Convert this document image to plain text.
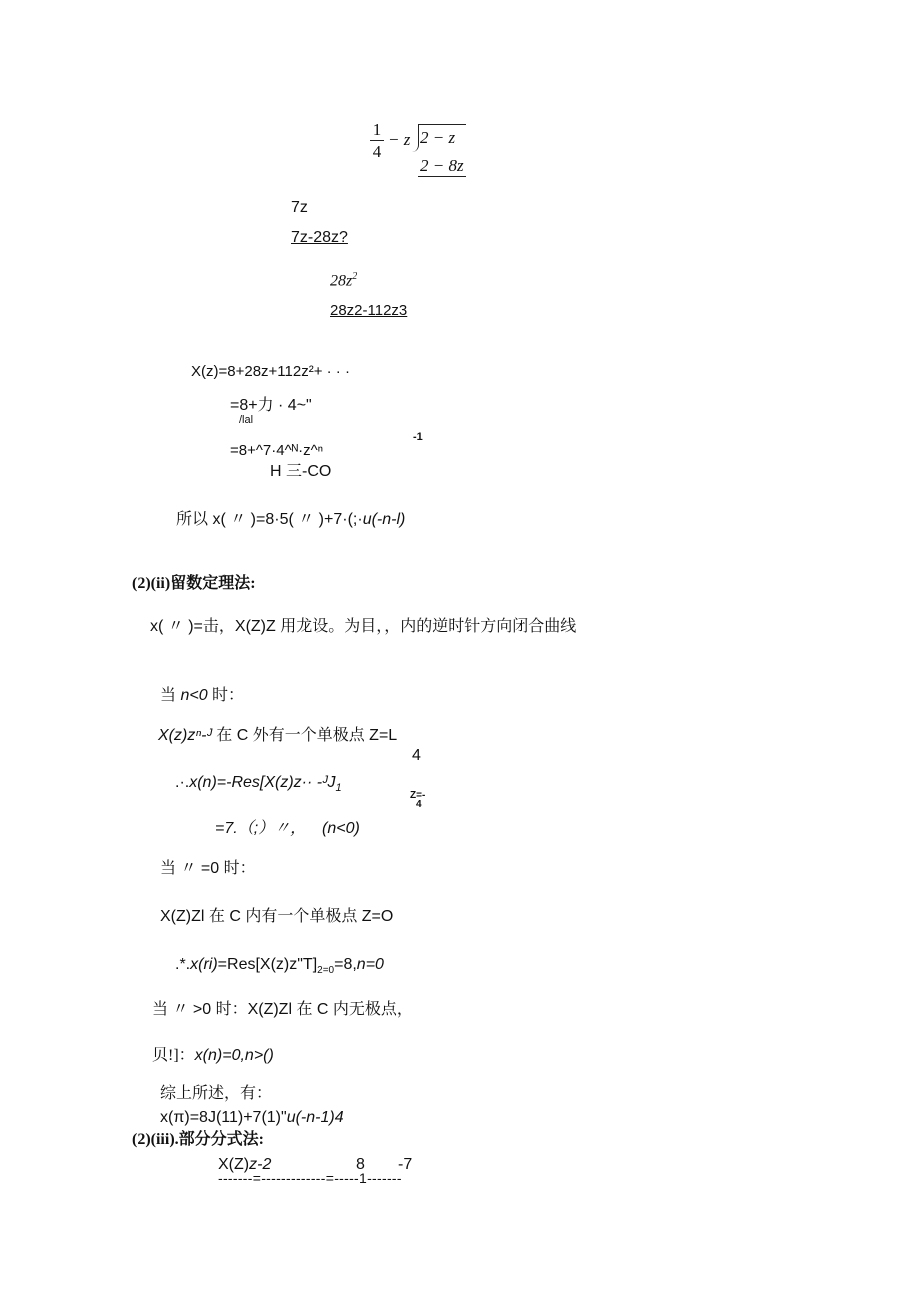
1
4
− z 2 − z
2 − 8z
7z
7z-28z?
$28z^2$
28z2-112z3
X(z)=8+28z+112z²+ · · ·
=8+力 · 4~"
/lal
-1
=8+^7·4^ᴺ·z^ⁿ
H 三-CO
所以 x( 〃 )=8·5( 〃 )+7·(;·u(-n-l)
(2)(ii)留数定理法:
x( 〃 )=击，X(Z)Z 用龙设。为目，，内的逆时针方向闭合曲线
当 n<0 时：
X(z)zⁿ-ᴶ 在 C 外有一个单极点 Z=L
4
.·.x(n)=-Res[X(z)z·· -ᴶJ$_1$
Z=-
4
=7.（;）〃， (n<0)
当 〃 =0 时：
X(Z)Zl 在 C 内有一个单极点 Z=O
$.*.x(ri)=Res[X(z)z"T]_{2=0}=8,n=0$
当 〃 >0 时：X(Z)Zl 在 C 内无极点，
贝!]：x(n)=0,n>()
综上所述，有：
x(π)=8J(11)+7(1)"u(-n-1)4
(2)(iii).部分分式法:
X(Z)z-2	8 -7
-------=-------------=-----1-------
